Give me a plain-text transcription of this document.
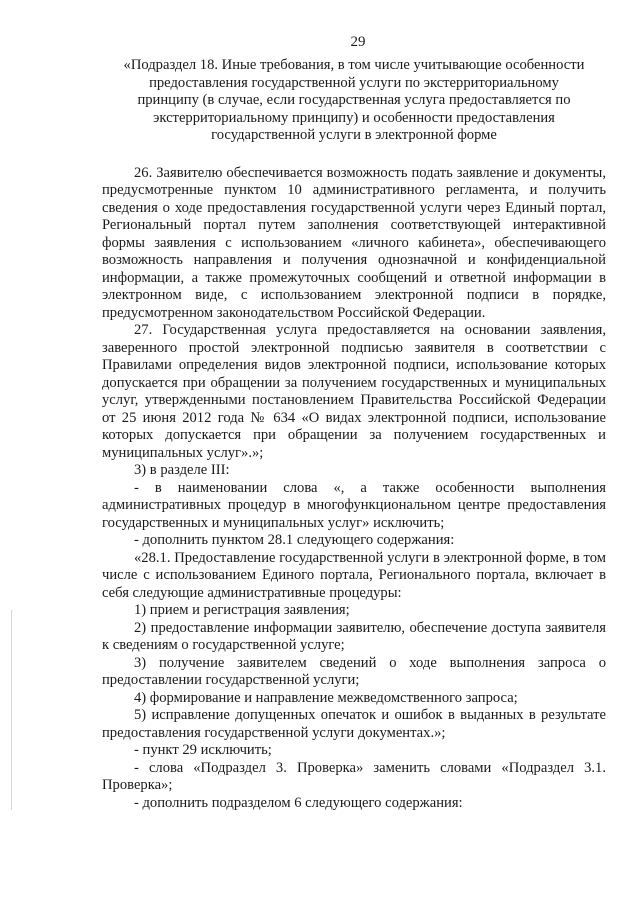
29
«Подраздел 18. Иные требования, в том числе учитывающие особенности
предоставления государственной услуги по экстерриториальному
принципу (в случае, если государственная услуга предоставляется по
экстерриториальному принципу) и особенности предоставления
государственной услуги в электронной форме

26. Заявителю обеспечивается возможность подать заявление и документы, предусмотренные пунктом 10 административного регламента, и получить сведения о ходе предоставления государственной услуги через Единый портал, Региональный портал путем заполнения соответствующей интерактивной формы заявления с использованием «личного кабинета», обеспечивающего возможность направления и получения однозначной и конфиденциальной информации, а также промежуточных сообщений и ответной информации в электронном виде, с использованием электронной подписи в порядке, предусмотренном законодательством Российской Федерации.

27. Государственная услуга предоставляется на основании заявления, заверенного простой электронной подписью заявителя в соответствии с Правилами определения видов электронной подписи, использование которых допускается при обращении за получением государственных и муниципальных услуг, утвержденными постановлением Правительства Российской Федерации от 25 июня 2012 года № 634 «О видах электронной подписи, использование которых допускается при обращении за получением государственных и муниципальных услуг».»;

3) в разделе III:

- в наименовании слова «, а также особенности выполнения административных процедур в многофункциональном центре предоставления государственных и муниципальных услуг» исключить;

- дополнить пунктом 28.1 следующего содержания:

«28.1. Предоставление государственной услуги в электронной форме, в том числе с использованием Единого портала, Регионального портала, включает в себя следующие административные процедуры:

1) прием и регистрация заявления;

2) предоставление информации заявителю, обеспечение доступа заявителя к сведениям о государственной услуге;

3) получение заявителем сведений о ходе выполнения запроса о предоставлении государственной услуги;

4) формирование и направление межведомственного запроса;

5) исправление допущенных опечаток и ошибок в выданных в результате предоставления государственной услуги документах.»;

- пункт 29 исключить;

- слова «Подраздел 3. Проверка» заменить словами «Подраздел 3.1. Проверка»;

- дополнить подразделом 6 следующего содержания:
